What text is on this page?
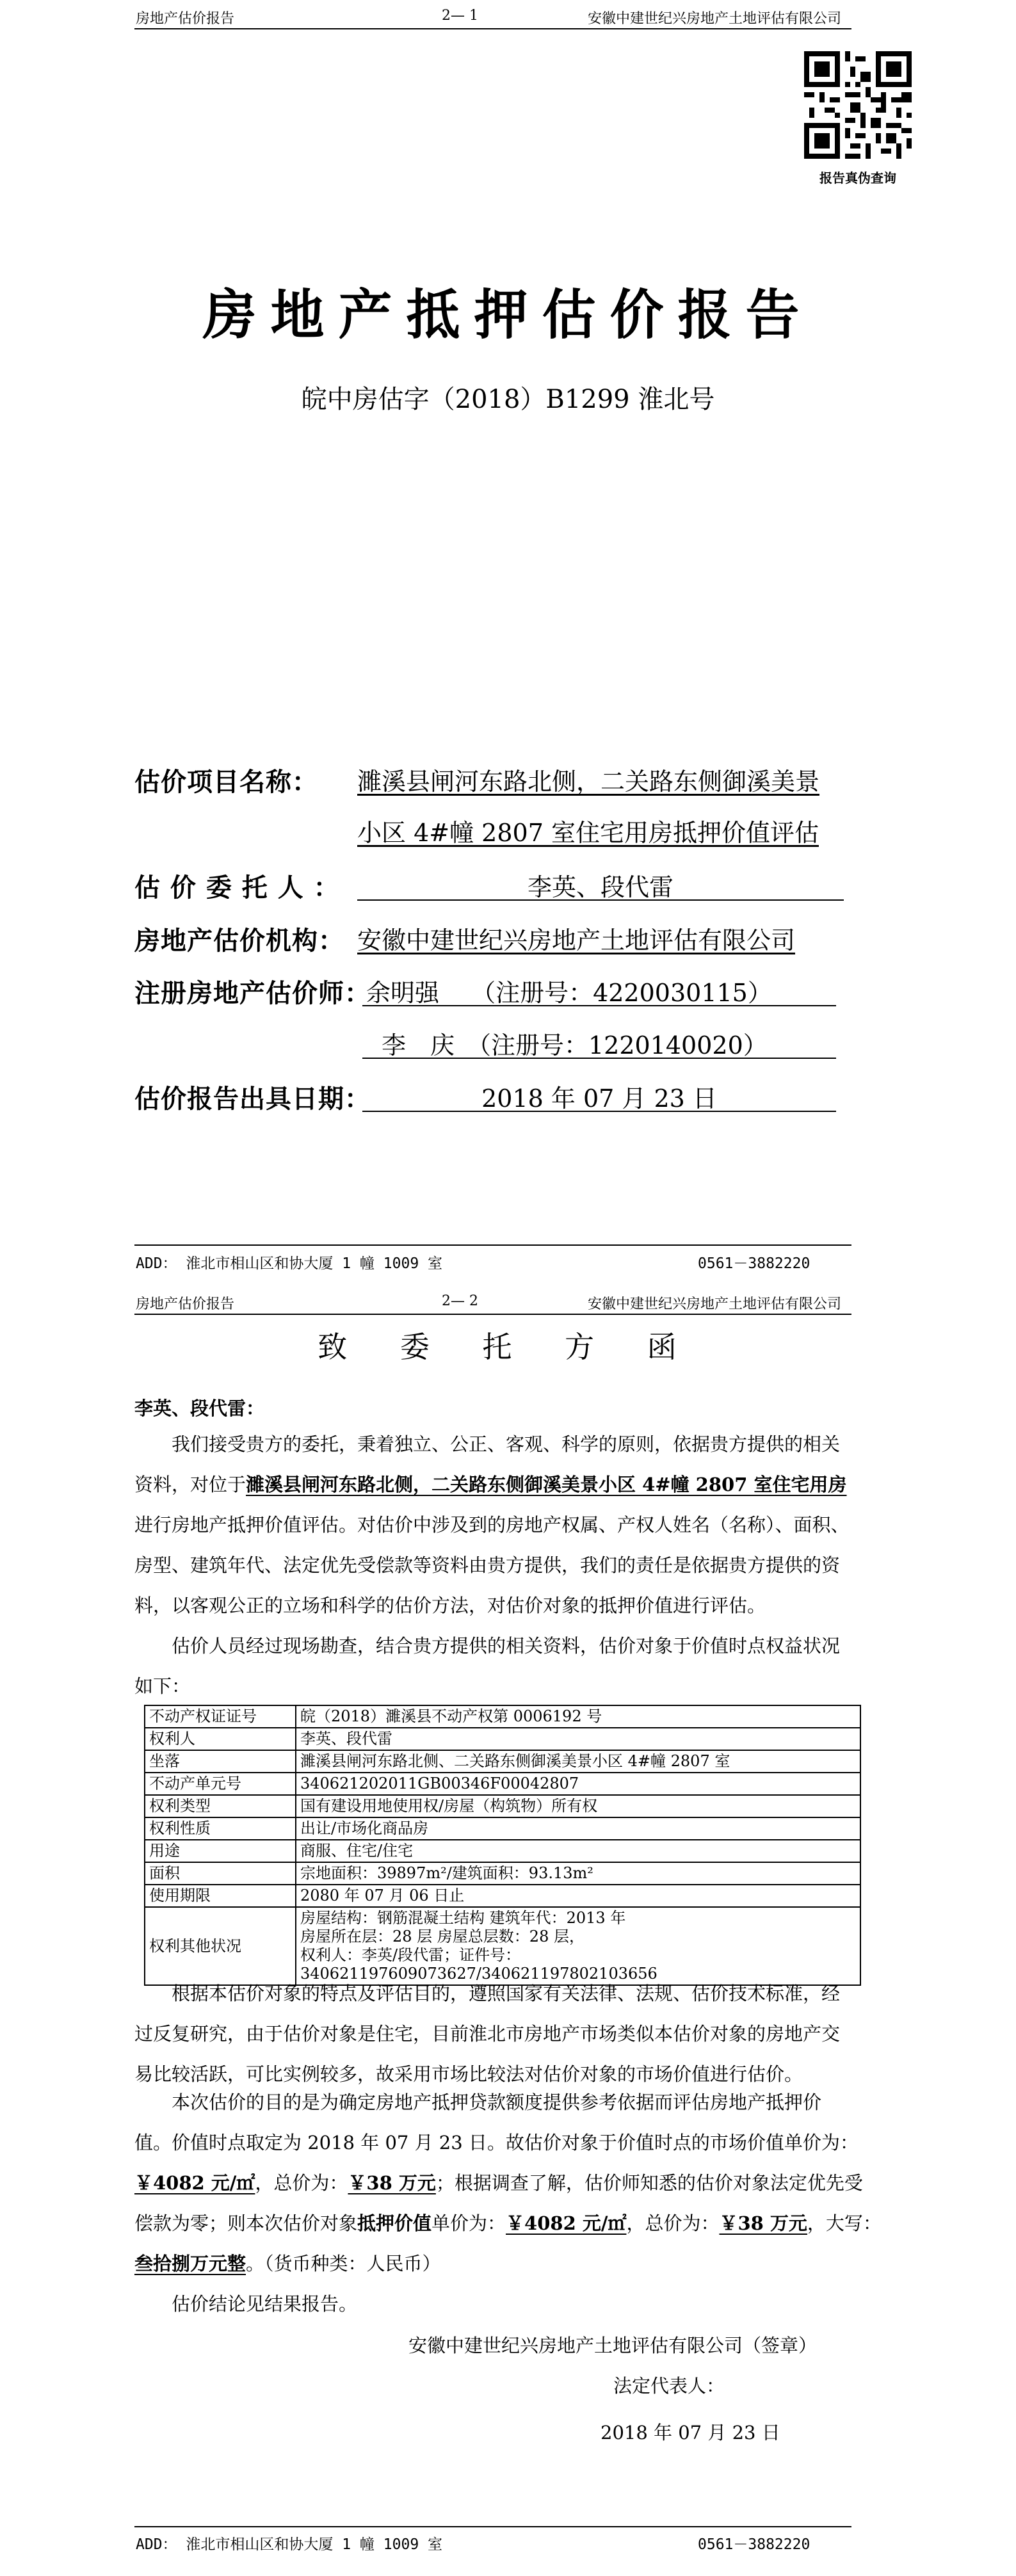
房地产估价报告	2— 1	安徽中建世纪兴房地产土地评估有限公司
报告真伪查询
房地产抵押估价报告
皖中房估字（2018）B1299 淮北号
估价项目名称： 濉溪县闸河东路北侧，二关路东侧御溪美景
小区 4#幢 2807 室住宅用房抵押价值评估
估 价 委 托 人 ：	李英、段代雷
房地产估价机构： 安徽中建世纪兴房地产土地评估有限公司
注册房地产估价师：
余明强　 （注册号：4220030115）
李　庆　（注册号：1220140020）
估价报告出具日期：	2018 年 07 月 23 日
ADD： 淮北市相山区和协大厦 1 幢 1009 室	0561－3882220
房地产估价报告	2— 2	安徽中建世纪兴房地产土地评估有限公司
致 委 托 方 函
李英、段代雷：
我们接受贵方的委托，秉着独立、公正、客观、科学的原则，依据贵方提供的相关资料，对位于濉溪县闸河东路北侧，二关路东侧御溪美景小区 4#幢 2807 室住宅用房进行房地产抵押价值评估。对估价中涉及到的房地产权属、产权人姓名（名称）、面积、房型、建筑年代、法定优先受偿款等资料由贵方提供，我们的责任是依据贵方提供的资料，以客观公正的立场和科学的估价方法，对估价对象的抵押价值进行评估。
估价人员经过现场勘查，结合贵方提供的相关资料，估价对象于价值时点权益状况如下：
不动产权证证号	皖（2018）濉溪县不动产权第 0006192 号
权利人	李英、段代雷
坐落	濉溪县闸河东路北侧、二关路东侧御溪美景小区 4#幢 2807 室
不动产单元号	340621202011GB00346F00042807
权利类型	国有建设用地使用权/房屋（构筑物）所有权
权利性质	出让/市场化商品房
用途	商服、住宅/住宅
面积	宗地面积：39897m²/建筑面积：93.13m²
使用期限	2080 年 07 月 06 日止
权利其他状况	房屋结构：钢筋混凝土结构 建筑年代：2013 年
房屋所在层：28 层 房屋总层数：28 层，
权利人：李英/段代雷；证件号：340621197609073627/340621197802103656
根据本估价对象的特点及评估目的，遵照国家有关法律、法规、估价技术标准，经过反复研究，由于估价对象是住宅，目前淮北市房地产市场类似本估价对象的房地产交易比较活跃，可比实例较多，故采用市场比较法对估价对象的市场价值进行估价。
本次估价的目的是为确定房地产抵押贷款额度提供参考依据而评估房地产抵押价
值。价值时点取定为 2018 年 07 月 23 日。故估价对象于价值时点的市场价值单价为：
￥4082 元/㎡，总价为：￥38 万元；根据调查了解，估价师知悉的估价对象法定优先受
偿款为零；则本次估价对象抵押价值单价为：￥4082 元/㎡，总价为：￥38 万元，大写：
叁拾捌万元整。（货币种类：人民币）
估价结论见结果报告。
安徽中建世纪兴房地产土地评估有限公司（签章）
法定代表人：
2018 年 07 月 23 日
ADD： 淮北市相山区和协大厦 1 幢 1009 室	0561－3882220
